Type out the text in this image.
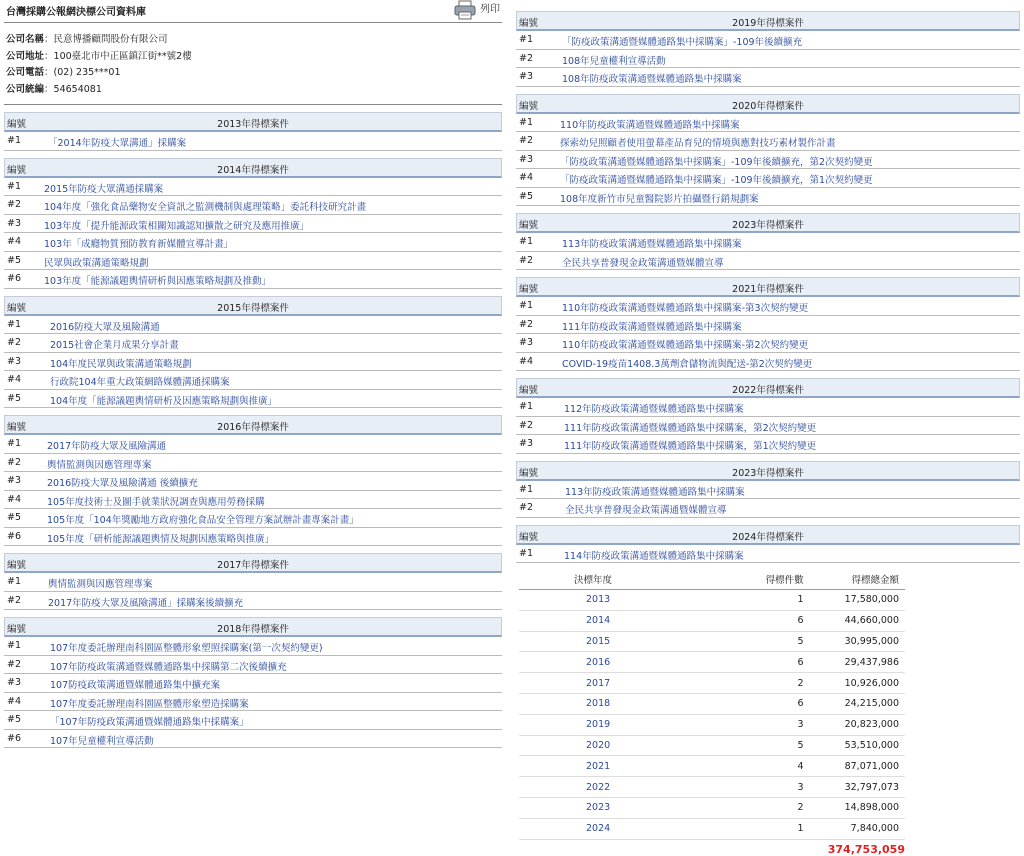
台灣採購公報網決標公司資料庫	列印
公司名稱：民意博播顧問股份有限公司
公司地址：100臺北市中正區鎮江街**號2樓
公司電話：(02) 235***01
公司統編：54654081
編號	2013年得標案件
#1	「2014年防疫大眾溝通」採購案
編號	2014年得標案件
#1 2015年防疫大眾溝通採購案
#2 104年度「強化食品藥物安全資訊之監測機制與處理策略」委託科技研究計畫
#3 103年度「提升能源政策相關知識認知擴散之研究及應用推廣」
#4 103年「成癮物質預防教育新媒體宣導計畫」
#5 民眾與政策溝通策略規劃
#6 103年度「能源議題輿情研析與因應策略規劃及推動」
編號	2015年得標案件
#1	2016防疫大眾及風險溝通
#2	2015社會企業月成果分享計畫
#3	104年度民眾與政策溝通策略規劃
#4	行政院104年重大政策網路媒體溝通採購案
#5	104年度「能源議題輿情研析及因應策略規劃與推廣」
編號	2016年得標案件
#1	2017年防疫大眾及風險溝通
#2	輿情監測與因應管理專案
#3	2016防疫大眾及風險溝通 後續擴充
#4	105年度技術士及圖手就業狀況調查與應用勞務採購
#5	105年度「104年獎勵地方政府強化食品安全管理方案試辦計畫專案計畫」
#6	105年度「研析能源議題輿情及規劃因應策略與推廣」
編號	2017年得標案件
#1	輿情監測與因應管理專案
#2	2017年防疫大眾及風險溝通」採購案後續擴充
編號	2018年得標案件
#1	107年度委託辦理南科園區整體形象塑照採購案(第一次契約變更)
#2	107年防疫政策溝通暨媒體通路集中採購第二次後續擴充
#3	107防疫政策溝通暨媒體通路集中擴充案
#4	107年度委託辦理南科園區整體形象塑造採購案
#5	「107年防疫政策溝通暨媒體通路集中採購案」
#6	107年兒童權利宣導活動
編號	2019年得標案件
#1	「防疫政策溝通暨媒體通路集中採購案」-109年後續擴充
#2	108年兒童權利宣導活動
#3	108年防疫政策溝通暨媒體通路集中採購案
編號	2020年得標案件
#1	110年防疫政策溝通暨媒體通路集中採購案
#2	探索幼兒照顧者使用螢幕產品育兒的情境與應對技巧素材製作計畫
#3	「防疫政策溝通暨媒體通路集中採購案」-109年後續擴充，第2次契約變更
#4	「防疫政策溝通暨媒體通路集中採購案」-109年後續擴充，第1次契約變更
#5	108年度新竹市兒童醫院影片拍攝暨行銷規劃案
編號	2023年得標案件
#1	113年防疫政策溝通暨媒體通路集中採購案
#2	全民共享普發現金政策溝通暨媒體宣導
編號	2021年得標案件
#1	110年防疫政策溝通暨媒體通路集中採購案-第3次契約變更
#2	111年防疫政策溝通暨媒體通路集中採購案
#3	110年防疫政策溝通暨媒體通路集中採購案-第2次契約變更
#4	COVID-19疫苗1408.3萬劑倉儲物流與配送-第2次契約變更
編號	2022年得標案件
#1	112年防疫政策溝通暨媒體通路集中採購案
#2	111年防疫政策溝通暨媒體通路集中採購案，第2次契約變更
#3	111年防疫政策溝通暨媒體通路集中採購案，第1次契約變更
編號	2023年得標案件
#1	113年防疫政策溝通暨媒體通路集中採購案
#2	全民共享普發現金政策溝通暨媒體宣導
編號	2024年得標案件
#1	114年防疫政策溝通暨媒體通路集中採購案
決標年度	得標件數	得標總金額
2013	1	17,580,000
2014	6	44,660,000
2015	5	30,995,000
2016	6	29,437,986
2017	2	10,926,000
2018	6	24,215,000
2019	3	20,823,000
2020	5	53,510,000
2021	4	87,071,000
2022	3	32,797,073
2023	2	14,898,000
2024	1	7,840,000
374,753,059
